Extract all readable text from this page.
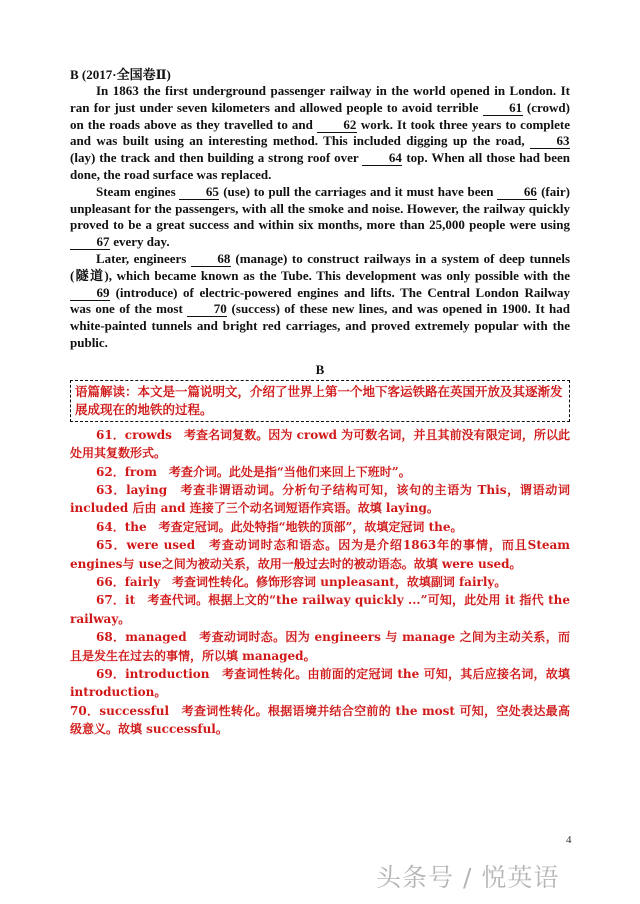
B (2017·全国卷Ⅱ)

In 1863 the first underground passenger railway in the world opened in London. It ran for just under seven kilometers and allowed people to avoid terrible 61 (crowd) on the roads above as they travelled to and 62 work. It took three years to complete and was built using an interesting method. This included digging up the road, 63 (lay) the track and then building a strong roof over 64 top. When all those had been done, the road surface was replaced.

Steam engines 65 (use) to pull the carriages and it must have been 66 (fair) unpleasant for the passengers, with all the smoke and noise. However, the railway quickly proved to be a great success and within six months, more than 25,000 people were using 67 every day.

Later, engineers 68 (manage) to construct railways in a system of deep tunnels (隧道), which became known as the Tube. This development was only possible with the 69 (introduce) of electric-powered engines and lifts. The Central London Railway was one of the most 70 (success) of these new lines, and was opened in 1900. It had white-painted tunnels and bright red carriages, and proved extremely popular with the public.

B
语篇解读：本文是一篇说明文，介绍了世界上第一个地下客运铁路在英国开放及其逐渐发展成现在的地铁的过程。

61．crowds　考查名词复数。因为 crowd 为可数名词，并且其前没有限定词，所以此处用其复数形式。

62．from　考查介词。此处是指“当他们来回上下班时”。

63．laying　考查非谓语动词。分析句子结构可知，该句的主语为 This，谓语动词 included 后由 and 连接了三个动名词短语作宾语。故填 laying。

64．the　考查定冠词。此处特指“地铁的顶部”，故填定冠词 the。

65．were used　考查动词时态和语态。因为是介绍1863年的事情，而且Steam engines与 use之间为被动关系，故用一般过去时的被动语态。故填 were used。

66．fairly　考查词性转化。修饰形容词 unpleasant，故填副词 fairly。

67．it　考查代词。根据上文的“the railway quickly ...”可知，此处用 it 指代 the railway。

68．managed　考查动词时态。因为 engineers 与 manage 之间为主动关系，而且是发生在过去的事情，所以填 managed。

69．introduction　考查词性转化。由前面的定冠词 the 可知，其后应接名词，故填 introduction。

70．successful　考查词性转化。根据语境并结合空前的 the most 可知，空处表达最高级意义。故填 successful。

4
头条号 / 悦英语
